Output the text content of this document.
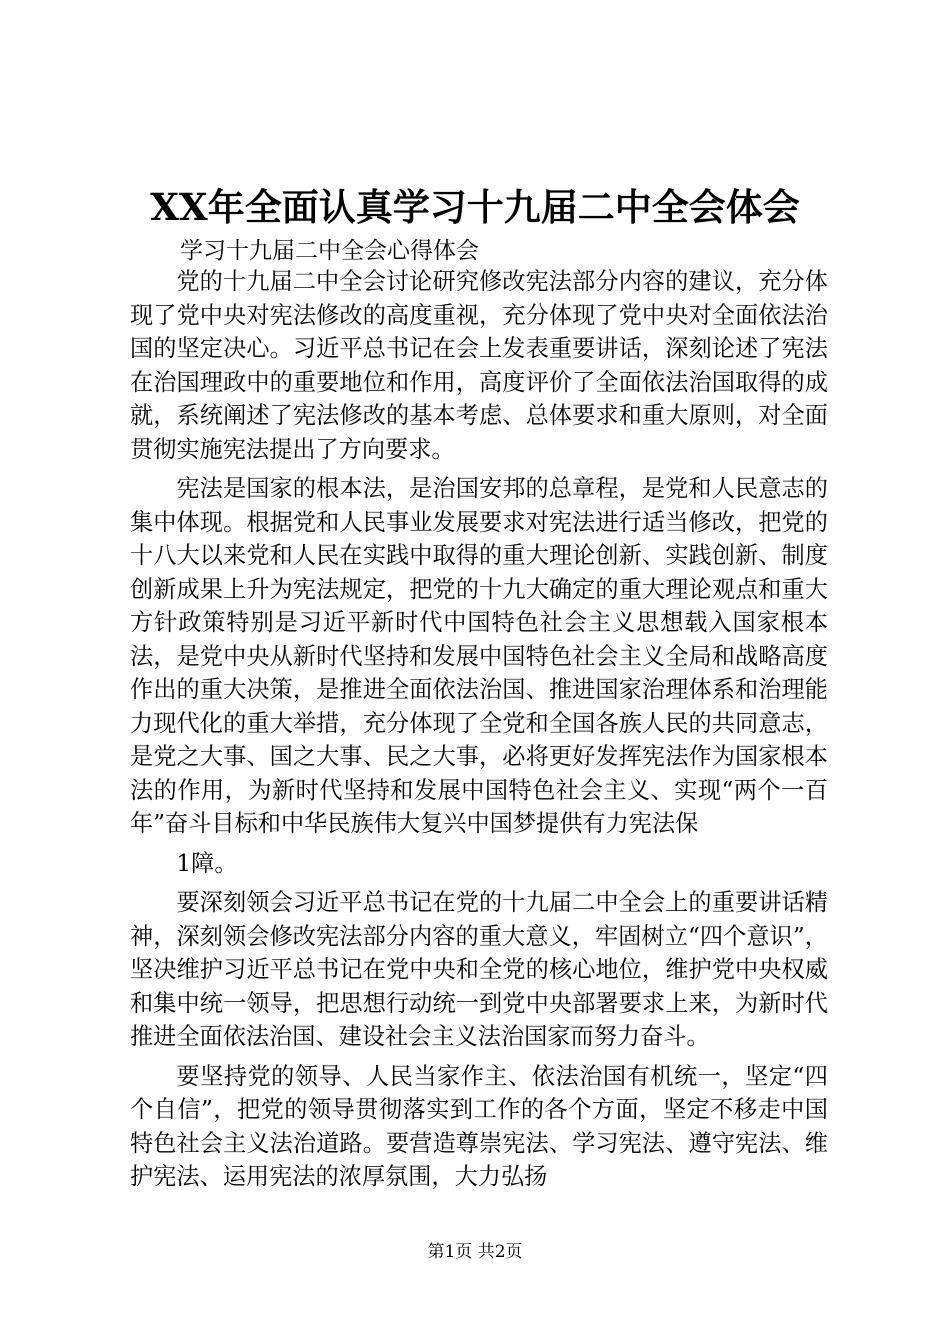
XX年全面认真学习十九届二中全会体会
学习十九届二中全会心得体会

党的十九届二中全会讨论研究修改宪法部分内容的建议，充分体现了党中央对宪法修改的高度重视，充分体现了党中央对全面依法治国的坚定决心。习近平总书记在会上发表重要讲话，深刻论述了宪法在治国理政中的重要地位和作用，高度评价了全面依法治国取得的成就，系统阐述了宪法修改的基本考虑、总体要求和重大原则，对全面贯彻实施宪法提出了方向要求。

宪法是国家的根本法，是治国安邦的总章程，是党和人民意志的集中体现。根据党和人民事业发展要求对宪法进行适当修改，把党的十八大以来党和人民在实践中取得的重大理论创新、实践创新、制度创新成果上升为宪法规定，把党的十九大确定的重大理论观点和重大方针政策特别是习近平新时代中国特色社会主义思想载入国家根本法，是党中央从新时代坚持和发展中国特色社会主义全局和战略高度作出的重大决策，是推进全面依法治国、推进国家治理体系和治理能力现代化的重大举措，充分体现了全党和全国各族人民的共同意志，是党之大事、国之大事、民之大事，必将更好发挥宪法作为国家根本法的作用，为新时代坚持和发展中国特色社会主义、实现“两个一百年”奋斗目标和中华民族伟大复兴中国梦提供有力宪法保

1障。

要深刻领会习近平总书记在党的十九届二中全会上的重要讲话精神，深刻领会修改宪法部分内容的重大意义，牢固树立“四个意识”，坚决维护习近平总书记在党中央和全党的核心地位，维护党中央权威和集中统一领导，把思想行动统一到党中央部署要求上来，为新时代推进全面依法治国、建设社会主义法治国家而努力奋斗。

要坚持党的领导、人民当家作主、依法治国有机统一，坚定“四个自信”，把党的领导贯彻落实到工作的各个方面，坚定不移走中国特色社会主义法治道路。要营造尊崇宪法、学习宪法、遵守宪法、维护宪法、运用宪法的浓厚氛围，大力弘扬

第1页 共2页
